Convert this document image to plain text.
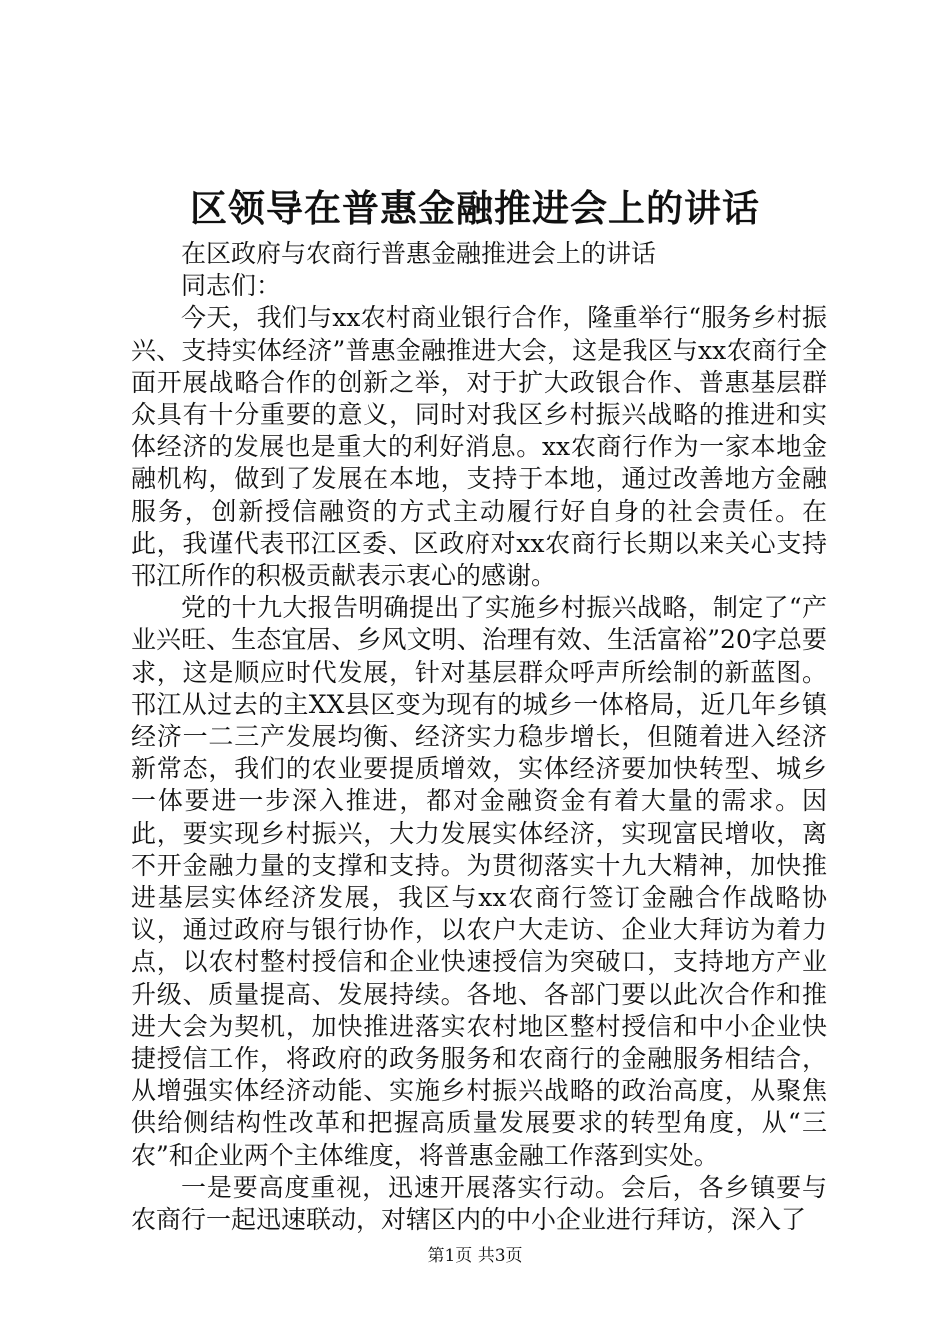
区领导在普惠金融推进会上的讲话

在区政府与农商行普惠金融推进会上的讲话

同志们：

今天，我们与xx农村商业银行合作，隆重举行“服务乡村振兴、支持实体经济”普惠金融推进大会，这是我区与xx农商行全面开展战略合作的创新之举，对于扩大政银合作、普惠基层群众具有十分重要的意义，同时对我区乡村振兴战略的推进和实体经济的发展也是重大的利好消息。xx农商行作为一家本地金融机构，做到了发展在本地，支持于本地，通过改善地方金融服务，创新授信融资的方式主动履行好自身的社会责任。在此，我谨代表邗江区委、区政府对xx农商行长期以来关心支持邗江所作的积极贡献表示衷心的感谢。

党的十九大报告明确提出了实施乡村振兴战略，制定了“产业兴旺、生态宜居、乡风文明、治理有效、生活富裕”20字总要求，这是顺应时代发展，针对基层群众呼声所绘制的新蓝图。邗江从过去的主XX县区变为现有的城乡一体格局，近几年乡镇经济一二三产发展均衡、经济实力稳步增长，但随着进入经济新常态，我们的农业要提质增效，实体经济要加快转型、城乡一体要进一步深入推进，都对金融资金有着大量的需求。因此，要实现乡村振兴，大力发展实体经济，实现富民增收，离不开金融力量的支撑和支持。为贯彻落实十九大精神，加快推进基层实体经济发展，我区与xx农商行签订金融合作战略协议，通过政府与银行协作，以农户大走访、企业大拜访为着力点，以农村整村授信和企业快速授信为突破口，支持地方产业升级、质量提高、发展持续。各地、各部门要以此次合作和推进大会为契机，加快推进落实农村地区整村授信和中小企业快捷授信工作，将政府的政务服务和农商行的金融服务相结合，从增强实体经济动能、实施乡村振兴战略的政治高度，从聚焦供给侧结构性改革和把握高质量发展要求的转型角度，从“三农”和企业两个主体维度，将普惠金融工作落到实处。

一是要高度重视，迅速开展落实行动。会后，各乡镇要与农商行一起迅速联动，对辖区内的中小企业进行拜访，深入了

第1页 共3页
